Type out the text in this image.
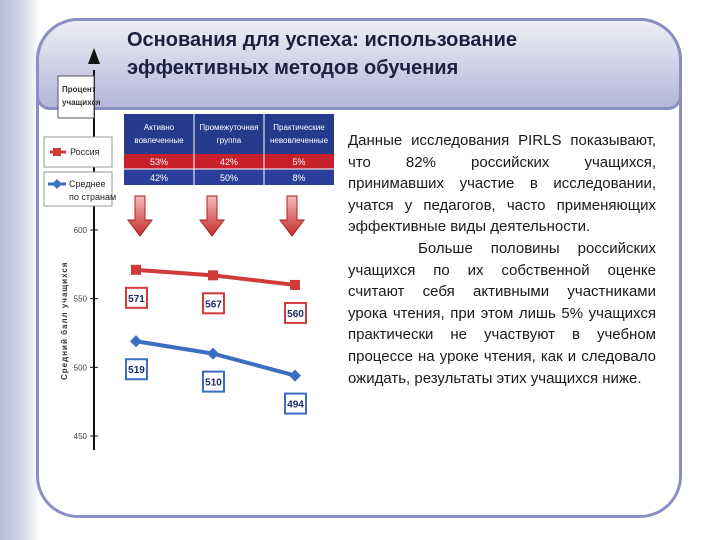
Основания для успеха: использование
эффективных методов обучения
Процент
учащихся
Средний балл учащихся
600
550
500
450
Россия
Среднее
по странам
Активно
вовлеченные
Промежуточная
группа
Практические
невовлеченные
53%	42%	5%
42%	50%	8%
571	567
560
519
510
494

Данные исследования PIRLS показывают, что 82% российских учащихся, принимавших участие в исследовании, учатся у педагогов, часто применяющих эффективные виды деятельности.

Больше половины российских учащихся по их собственной оценке считают себя активными участниками урока чтения, при этом лишь 5% учащихся практически не участвуют в учебном процессе на уроке чтения, как и следовало ожидать, результаты этих учащихся ниже.
